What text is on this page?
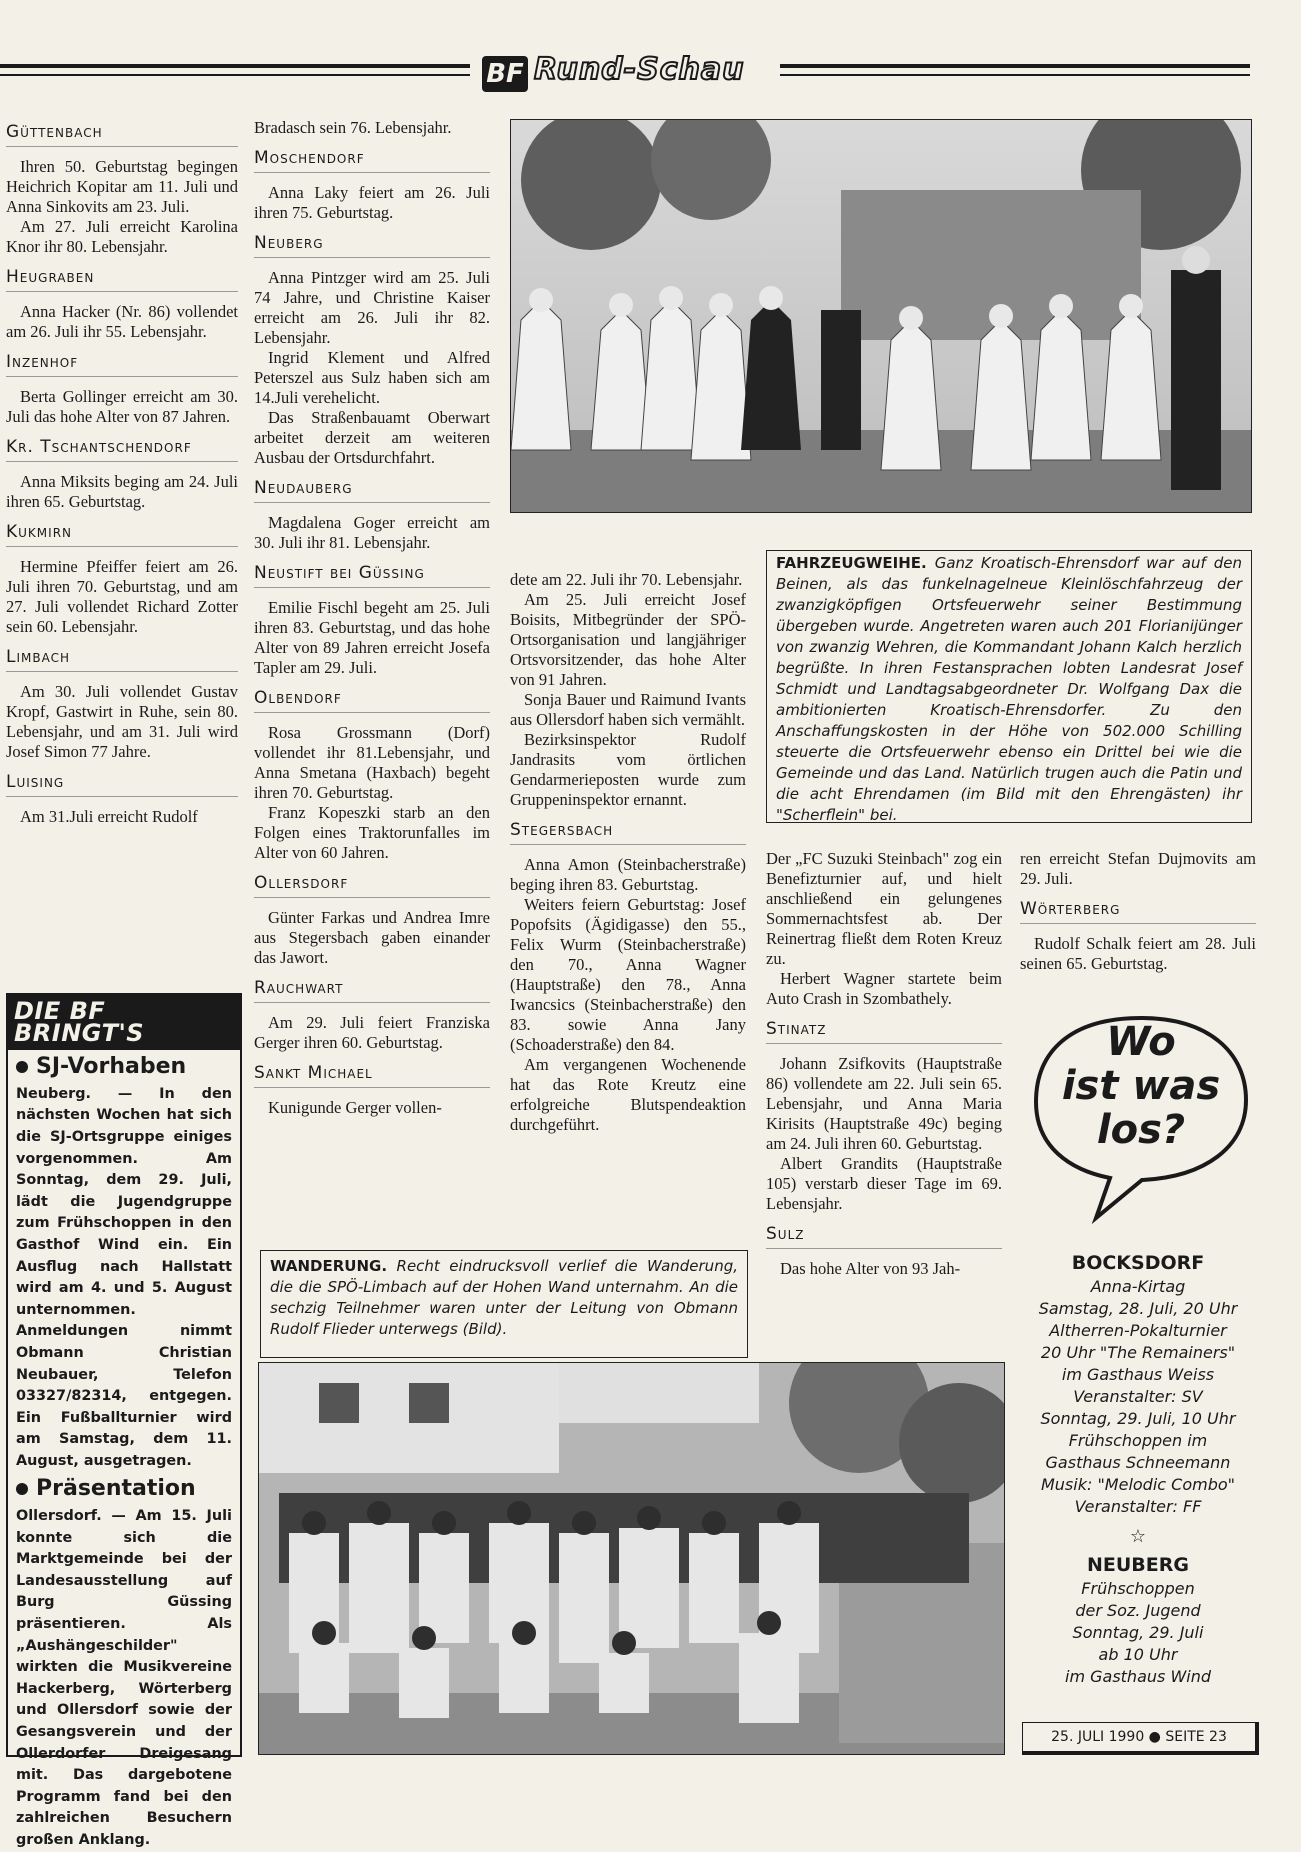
BF Rund-Schau
Güttenbach

Ihren 50. Geburtstag begingen Heichrich Kopitar am 11. Juli und Anna Sinkovits am 23. Juli.

Am 27. Juli erreicht Karolina Knor ihr 80. Lebensjahr.

Heugraben

Anna Hacker (Nr. 86) vollendet am 26. Juli ihr 55. Lebensjahr.

Inzenhof

Berta Gollinger erreicht am 30. Juli das hohe Alter von 87 Jahren.

Kr. Tschantschendorf

Anna Miksits beging am 24. Juli ihren 65. Geburtstag.

Kukmirn

Hermine Pfeiffer feiert am 26. Juli ihren 70. Geburtstag, und am 27. Juli vollendet Richard Zotter sein 60. Lebensjahr.

Limbach

Am 30. Juli vollendet Gustav Kropf, Gastwirt in Ruhe, sein 80. Lebensjahr, und am 31. Juli wird Josef Simon 77 Jahre.

Luising

Am 31.Juli erreicht Rudolf

Bradasch sein 76. Lebensjahr.

Moschendorf

Anna Laky feiert am 26. Juli ihren 75. Geburtstag.

Neuberg

Anna Pintzger wird am 25. Juli 74 Jahre, und Christine Kaiser erreicht am 26. Juli ihr 82. Lebensjahr.

Ingrid Klement und Alfred Peterszel aus Sulz haben sich am 14.Juli verehelicht.

Das Straßenbauamt Oberwart arbeitet derzeit am weiteren Ausbau der Ortsdurchfahrt.

Neudauberg

Magdalena Goger erreicht am 30. Juli ihr 81. Lebensjahr.

Neustift bei Güssing

Emilie Fischl begeht am 25. Juli ihren 83. Geburtstag, und das hohe Alter von 89 Jahren erreicht Josefa Tapler am 29. Juli.

Olbendorf

Rosa Grossmann (Dorf) vollendet ihr 81.Lebensjahr, und Anna Smetana (Haxbach) begeht ihren 70. Geburtstag.

Franz Kopeszki starb an den Folgen eines Traktorunfalles im Alter von 60 Jahren.

Ollersdorf

Günter Farkas und Andrea Imre aus Stegersbach gaben einander das Jawort.

Rauchwart

Am 29. Juli feiert Franziska Gerger ihren 60. Geburtstag.

Sankt Michael

Kunigunde Gerger vollen-

FAHRZEUGWEIHE. Ganz Kroatisch-Ehrensdorf war auf den Beinen, als das funkelnagelneue Kleinlöschfahrzeug der zwanzigköpfigen Ortsfeuerwehr seiner Bestimmung übergeben wurde. Angetreten waren auch 201 Florianijünger von zwanzig Wehren, die Kommandant Johann Kalch herzlich begrüßte. In ihren Festansprachen lobten Landesrat Josef Schmidt und Landtagsabgeordneter Dr. Wolfgang Dax die ambitionierten Kroatisch-Ehrensdorfer. Zu den Anschaffungskosten in der Höhe von 502.000 Schilling steuerte die Ortsfeuerwehr ebenso ein Drittel bei wie die Gemeinde und das Land. Natürlich trugen auch die Patin und die acht Ehrendamen (im Bild mit den Ehrengästen) ihr "Scherflein" bei.

dete am 22. Juli ihr 70. Lebensjahr.

Am 25. Juli erreicht Josef Boisits, Mitbegründer der SPÖ-Ortsorganisation und langjähriger Ortsvorsitzender, das hohe Alter von 91 Jahren.

Sonja Bauer und Raimund Ivants aus Ollersdorf haben sich vermählt.

Bezirksinspektor Rudolf Jandrasits vom örtlichen Gendarmerieposten wurde zum Gruppeninspektor ernannt.

Stegersbach

Anna Amon (Steinbacherstraße) beging ihren 83. Geburtstag.

Weiters feiern Geburtstag: Josef Popofsits (Ägidigasse) den 55., Felix Wurm (Steinbacherstraße) den 70., Anna Wagner (Hauptstraße) den 78., Anna Iwancsics (Steinbacherstraße) den 83. sowie Anna Jany (Schoaderstraße) den 84.

Am vergangenen Wochenende hat das Rote Kreutz eine erfolgreiche Blutspendeaktion durchgeführt.

Der „FC Suzuki Steinbach" zog ein Benefizturnier auf, und hielt anschließend ein gelungenes Sommernachtsfest ab. Der Reinertrag fließt dem Roten Kreuz zu.

Herbert Wagner startete beim Auto Crash in Szombathely.

Stinatz

Johann Zsifkovits (Hauptstraße 86) vollendete am 22. Juli sein 65. Lebensjahr, und Anna Maria Kirisits (Hauptstraße 49c) beging am 24. Juli ihren 60. Geburtstag.

Albert Grandits (Hauptstraße 105) verstarb dieser Tage im 69. Lebensjahr.

Sulz

Das hohe Alter von 93 Jah-

ren erreicht Stefan Dujmovits am 29. Juli.

Wörterberg

Rudolf Schalk feiert am 28. Juli seinen 65. Geburtstag.

WANDERUNG. Recht eindrucksvoll verlief die Wanderung, die die SPÖ-Limbach auf der Hohen Wand unternahm. An die sechzig Teilnehmer waren unter der Leitung von Obmann Rudolf Flieder unterwegs (Bild).
DIE BF BRINGT'S
SJ-Vorhaben
Neuberg. — In den nächsten Wochen hat sich die SJ-Ortsgruppe einiges vorgenommen. Am Sonntag, dem 29. Juli, lädt die Jugendgruppe zum Frühschoppen in den Gasthof Wind ein. Ein Ausflug nach Hallstatt wird am 4. und 5. August unternommen. Anmeldungen nimmt Obmann Christian Neubauer, Telefon 03327/82314, entgegen. Ein Fußballturnier wird am Samstag, dem 11. August, ausgetragen.
Präsentation
Ollersdorf. — Am 15. Juli konnte sich die Marktgemeinde bei der Landesausstellung auf Burg Güssing präsentieren. Als „Aushängeschilder" wirkten die Musikvereine Hackerberg, Wörterberg und Ollersdorf sowie der Gesangsverein und der Ollerdorfer Dreigesang mit. Das dargebotene Programm fand bei den zahlreichen Besuchern großen Anklang.
Wo
ist was
los?
BOCKSDORF
Anna-Kirtag
Samstag, 28. Juli, 20 Uhr
Altherren-Pokalturnier
20 Uhr "The Remainers"
im Gasthaus Weiss
Veranstalter: SV
Sonntag, 29. Juli, 10 Uhr
Frühschoppen im
Gasthaus Schneemann
Musik: "Melodic Combo"
Veranstalter: FF
☆
NEUBERG
Frühschoppen
der Soz. Jugend
Sonntag, 29. Juli
ab 10 Uhr
im Gasthaus Wind
25. JULI 1990 ● SEITE 23
